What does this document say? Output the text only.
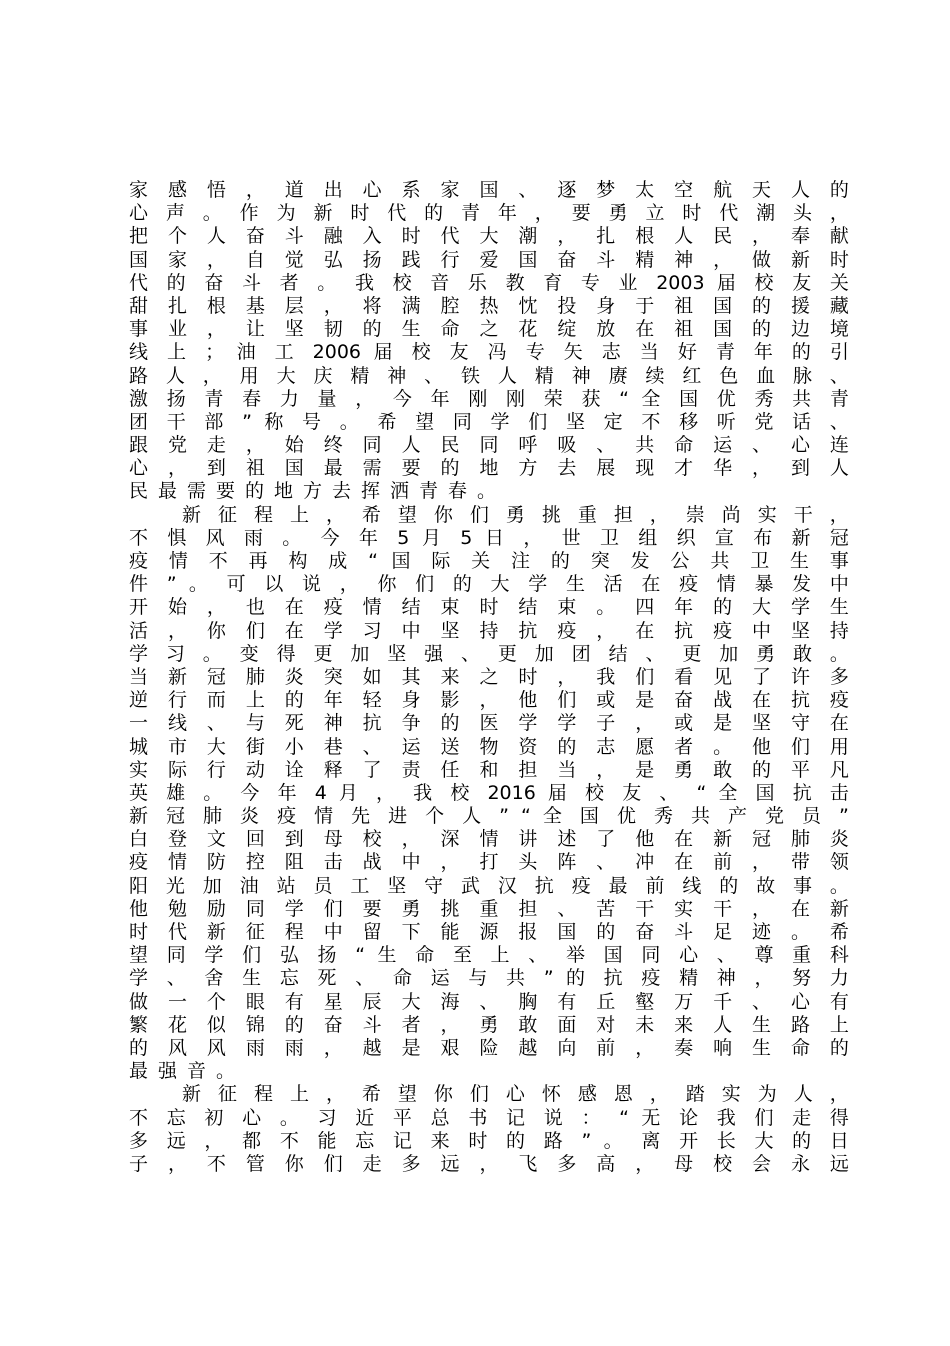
家 感 悟 ， 道 出 心 系 家 国 、 逐 梦 太 空 航 天 人 的
心 声 。 作 为 新 时 代 的 青 年 ， 要 勇 立 时 代 潮 头 ，
把 个 人 奋 斗 融 入 时 代 大 潮 ， 扎 根 人 民 ， 奉 献
国 家 ， 自 觉 弘 扬 践 行 爱 国 奋 斗 精 神 ， 做 新 时
代 的 奋 斗 者 。 我 校 音 乐 教 育 专 业 2003 届 校 友 关
甜 扎 根 基 层 ， 将 满 腔 热 忱 投 身 于 祖 国 的 援 藏
事 业 ， 让 坚 韧 的 生 命 之 花 绽 放 在 祖 国 的 边 境
线 上 ； 油 工 2006 届 校 友 冯 专 矢 志 当 好 青 年 的 引
路 人 ， 用 大 庆 精 神 、 铁 人 精 神 赓 续 红 色 血 脉 、
激 扬 青 春 力 量 ， 今 年 刚 刚 荣 获 “ 全 国 优 秀 共 青
团 干 部 ” 称 号 。 希 望 同 学 们 坚 定 不 移 听 党 话 、
跟 党 走 ， 始 终 同 人 民 同 呼 吸 、 共 命 运 、 心 连
心 ， 到 祖 国 最 需 要 的 地 方 去 展 现 才 华 ， 到 人
民最需要的地方去挥洒青春。
新 征 程 上 ， 希 望 你 们 勇 挑 重 担 ， 崇 尚 实 干 ，
不 惧 风 雨 。 今 年 5 月 5 日 ， 世 卫 组 织 宣 布 新 冠
疫 情 不 再 构 成 “ 国 际 关 注 的 突 发 公 共 卫 生 事
件 ” 。 可 以 说 ， 你 们 的 大 学 生 活 在 疫 情 暴 发 中
开 始 ， 也 在 疫 情 结 束 时 结 束 。 四 年 的 大 学 生
活 ， 你 们 在 学 习 中 坚 持 抗 疫 ， 在 抗 疫 中 坚 持
学 习 。 变 得 更 加 坚 强 、 更 加 团 结 、 更 加 勇 敢 。
当 新 冠 肺 炎 突 如 其 来 之 时 ， 我 们 看 见 了 许 多
逆 行 而 上 的 年 轻 身 影 ， 他 们 或 是 奋 战 在 抗 疫
一 线 、 与 死 神 抗 争 的 医 学 学 子 ， 或 是 坚 守 在
城 市 大 街 小 巷 、 运 送 物 资 的 志 愿 者 。 他 们 用
实 际 行 动 诠 释 了 责 任 和 担 当 ， 是 勇 敢 的 平 凡
英 雄 。 今 年 4 月 ， 我 校 2016 届 校 友 、 “ 全 国 抗 击
新 冠 肺 炎 疫 情 先 进 个 人 ” “ 全 国 优 秀 共 产 党 员 ”
白 登 文 回 到 母 校 ， 深 情 讲 述 了 他 在 新 冠 肺 炎
疫 情 防 控 阻 击 战 中 ， 打 头 阵 、 冲 在 前 ， 带 领
阳 光 加 油 站 员 工 坚 守 武 汉 抗 疫 最 前 线 的 故 事 。
他 勉 励 同 学 们 要 勇 挑 重 担 、 苦 干 实 干 ， 在 新
时 代 新 征 程 中 留 下 能 源 报 国 的 奋 斗 足 迹 。 希
望 同 学 们 弘 扬 “ 生 命 至 上 、 举 国 同 心 、 尊 重 科
学 、 舍 生 忘 死 、 命 运 与 共 ” 的 抗 疫 精 神 ， 努 力
做 一 个 眼 有 星 辰 大 海 、 胸 有 丘 壑 万 千 、 心 有
繁 花 似 锦 的 奋 斗 者 ， 勇 敢 面 对 未 来 人 生 路 上
的 风 风 雨 雨 ， 越 是 艰 险 越 向 前 ， 奏 响 生 命 的
最强音。
新 征 程 上 ， 希 望 你 们 心 怀 感 恩 ， 踏 实 为 人 ，
不 忘 初 心 。 习 近 平 总 书 记 说 ： “ 无 论 我 们 走 得
多 远 ， 都 不 能 忘 记 来 时 的 路 ” 。 离 开 长 大 的 日
子 ， 不 管 你 们 走 多 远 ， 飞 多 高 ， 母 校 会 永 远
